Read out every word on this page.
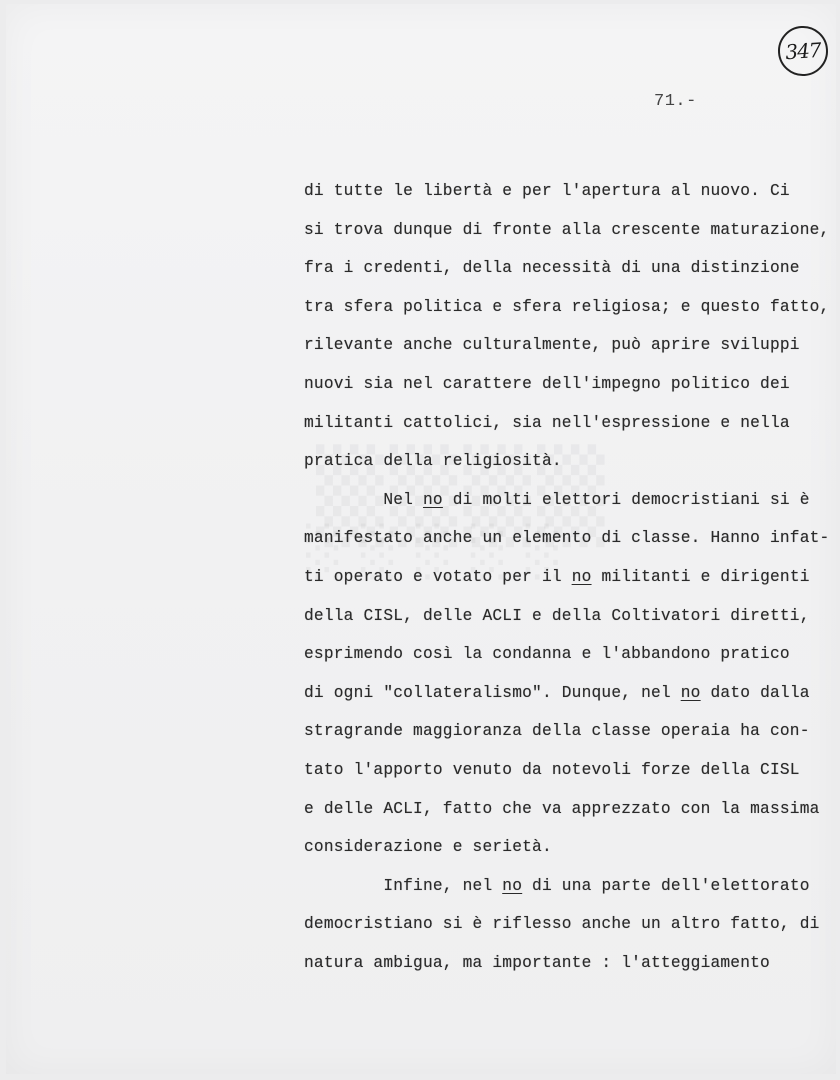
347
71.-
di tutte le libertà e per l'apertura al nuovo. Ci
si trova dunque di fronte alla crescente maturazione,
fra i credenti, della necessità di una distinzione
tra sfera politica e sfera religiosa; e questo fatto,
rilevante anche culturalmente, può aprire sviluppi
nuovi sia nel carattere dell'impegno politico dei
militanti cattolici, sia nell'espressione e nella
pratica della religiosità.
Nel no di molti elettori democristiani si è
manifestato anche un elemento di classe. Hanno infat-
ti operato e votato per il no militanti e dirigenti
della CISL, delle ACLI e della Coltivatori diretti,
esprimendo così la condanna e l'abbandono pratico
di ogni "collateralismo". Dunque, nel no dato dalla
stragrande maggioranza della classe operaia ha con-
tato l'apporto venuto da notevoli forze della CISL
e delle ACLI, fatto che va apprezzato con la massima
considerazione e serietà.
Infine, nel no di una parte dell'elettorato
democristiano si è riflesso anche un altro fatto, di
natura ambigua, ma importante : l'atteggiamento
